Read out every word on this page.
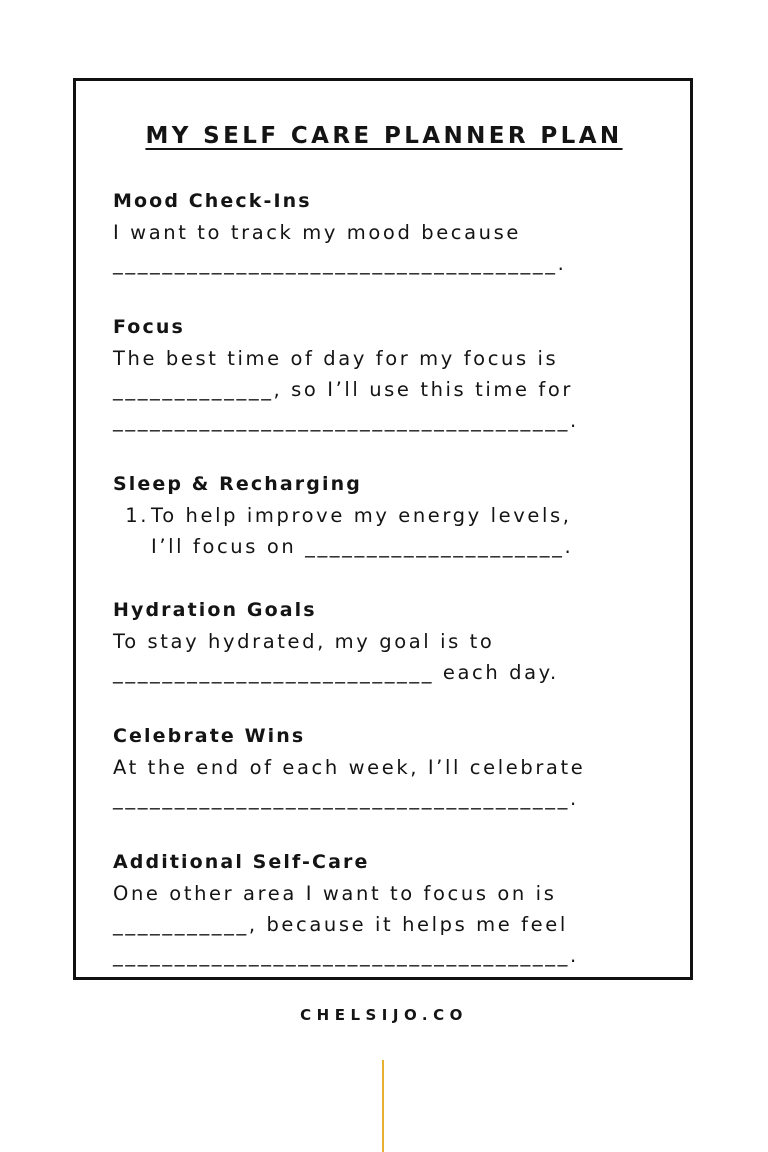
MY SELF CARE PLANNER PLAN
Mood Check-Ins

I want to track my mood because

____________________________________.

Focus

The best time of day for my focus is

_____________, so I’ll use this time for

_____________________________________.

Sleep & Recharging
1. To help improve my energy levels,

I’ll focus on _____________________.

Hydration Goals

To stay hydrated, my goal is to

__________________________ each day.

Celebrate Wins

At the end of each week, I’ll celebrate

_____________________________________.

Additional Self-Care

One other area I want to focus on is

___________, because it helps me feel

_____________________________________.

CHELSIJO.CO
